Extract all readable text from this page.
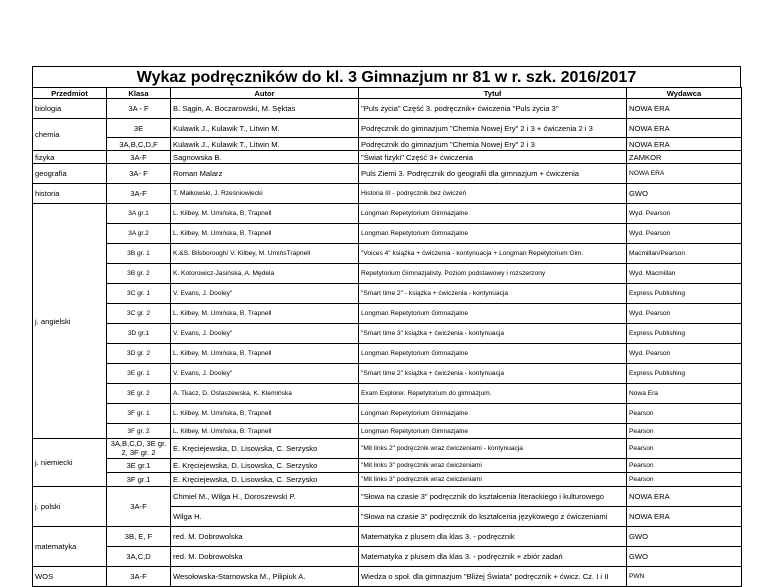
Wykaz podręczników do kl. 3 Gimnazjum nr 81 w r. szk. 2016/2017
Przedmiot	Klasa	Autor	Tytuł	Wydawca
biologia	3A - F	B. Sągin, A. Boczarowski, M. Sęktas	"Puls życia" Część 3. podręcznik+ ćwiczenia "Puls życia 3"	NOWA ERA
chemia	3E	Kulawik J., Kulawik T., Litwin M.	Podręcznik do gimnazjum "Chemia Nowej Ery" 2 i 3 + ćwiczenia 2 i 3	NOWA ERA
	3A,B,C,D,F	Kulawik J., Kulawik T., Litwin M.	Podręcznik do gimnazjum "Chemia Nowej Ery" 2 i 3	NOWA ERA
fizyka	3A-F	Sagnowska B.	"Świat fizyki" Część 3+ ćwiczenia	ZAMKOR
geografia	3A- F	Roman Malarz	Puls Ziemi 3. Podręcznik do geografii dla gimnazjum + ćwiczenia	NOWA ERA
historia	3A-F	T. Małkowski, J. Rześniowiecki	Historia III - podręcznik bez ćwiczeń	GWO
j. angielski	3A gr.1	L. Kilbey, M. Umińska, B. Trapnell	Longman Repetytorium Gimnazjalne	Wyd. Pearson
	3A gr.2	L. Kilbey, M. Umińska, B. Trapnell	Longman Repetytorium Gimnazjalne	Wyd. Pearson
	3B gr. 1	K.&S. Bilsborough/ V. Kilbey, M. UmińsTrapnell	"Voices 4" książka + ćwiczenia - kontynuacja + Longman Repetytorium Gim.	Macmillan/Pearson
	3B gr. 2	K. Kotorowicz-Jasińska, A. Mędela	Repetytorium Gimnazjalisty. Poziom podstawowy i rozszerzony	Wyd. Macmillan
	3C gr. 1	V. Evans, J. Dooley"	"Smart time 2" - książka + ćwiczenia - kontynuacja	Express Publishing
	3C gr. 2	L. Kilbey, M. Umińska, B. Trapnell	Longman Repetytorium Gimnazjalne	Wyd. Pearson
	3D gr.1	V. Evans, J. Dooley"	"Smart time 3" książka + ćwiczenia - kontynuacja	Express Publishing
	3D gr. 2	L. Kilbey, M. Umińska, B. Trapnell	Longman Repetytorium Gimnazjalne	Wyd. Pearson
	3E gr. 1	V. Evans, J. Dooley"	"Smart time 2" książka + ćwiczenia - kontynuacja	Express Publishing
	3E gr. 2	A. Tkacz, D. Ostaszewska, K. Klemińska	Exam Explorer. Repetytorium do gimnazjum.	Nowa Era
	3F gr. 1	L. Kilbey, M. Umińska, B. Trapnell	Longman Repetytorium Gimnazjalne	Pearson
	3F gr. 2	L. Kilbey, M. Umińska, B. Trapnell	Longman Repetytorium Gimnazjalne	Pearson
j. niemiecki	3A,B,C,D, 3E gr. 2, 3F gr. 2	E. Kręciejewska, D. Lisowska, C. Serzysko	"Mit links 2" podręcznik wraz ćwiczeniami - kontynuacja	Pearson
	3E gr.1	E. Kręciejewska, D. Lisowska, C. Serzysko	"Mit links 3" podręcznik wraz ćwiczeniami	Pearson
	3F gr.1	E. Kręciejewska, D. Lisowska, C. Serzysko	"Mit links 3" podręcznik wraz ćwiczeniami	Pearson
j. polski	3A-F	Chmiel M., Wilga H., Doroszewski P.	"Słowa na czasie 3" podręcznik do kształcenia literackiego i kulturowego	NOWA ERA
		Wilga H.	"Słowa na czasie 3" podręcznik do kształcenia językowego z ćwiczeniami	NOWA ERA
matematyka	3B, E, F	red. M. Dobrowolska	Matematyka z plusem dla klas 3. - podręcznik	GWO
	3A,C,D	red. M. Dobrowolska	Matematyka z plusem dla klas 3. - podręcznik + zbiór zadań	GWO
WOS	3A-F	Wesołowska-Starnowska M., Pilipiuk A.	Wiedza o społ. dla gimnazjum "Bliżej Świata" podręcznik + ćwicz. Cz. I i II	PWN
